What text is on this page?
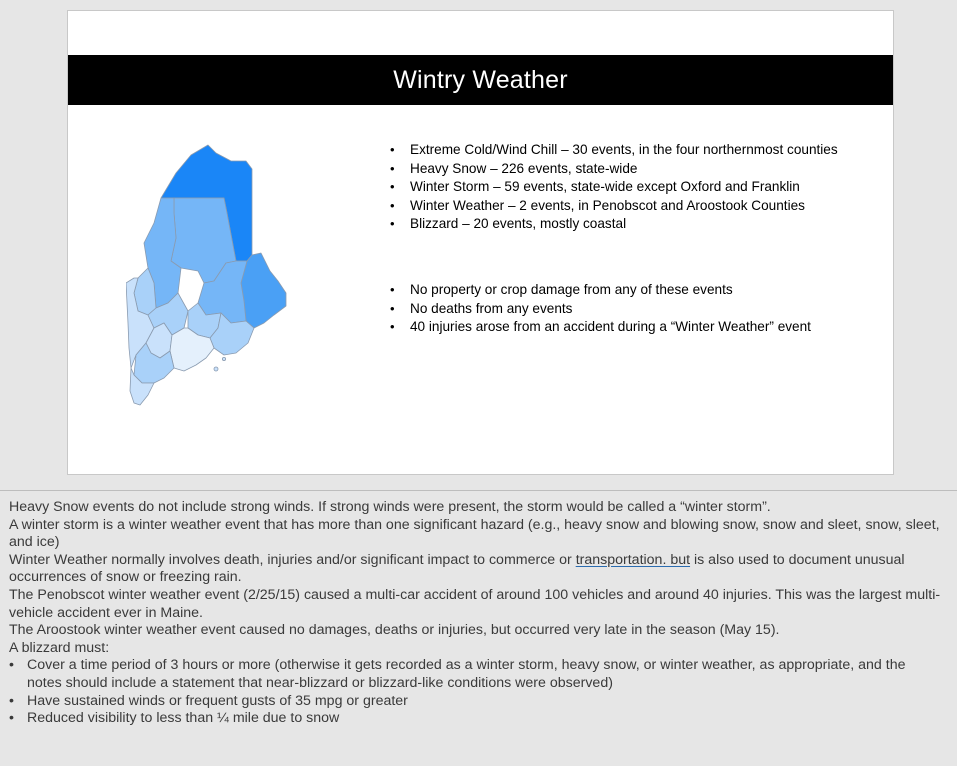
Wintry Weather
• Extreme Cold/Wind Chill – 30 events, in the four northernmost counties
• Heavy Snow – 226 events, state-wide
• Winter Storm – 59 events, state-wide except Oxford and Franklin
• Winter Weather – 2 events, in Penobscot and Aroostook Counties
• Blizzard – 20 events, mostly coastal
• No property or crop damage from any of these events
• No deaths from any events
• 40 injuries arose from an accident during a “Winter Weather” event

Heavy Snow events do not include strong winds. If strong winds were present, the storm would be called a “winter storm”.

A winter storm is a winter weather event that has more than one significant hazard (e.g., heavy snow and blowing snow, snow and sleet, snow, sleet, and ice)

Winter Weather normally involves death, injuries and/or significant impact to commerce or transportation. but is also used to document unusual occurrences of snow or freezing rain.

The Penobscot winter weather event (2/25/15) caused a multi-car accident of around 100 vehicles and around 40 injuries. This was the largest multi-vehicle accident ever in Maine.

The Aroostook winter weather event caused no damages, deaths or injuries, but occurred very late in the season (May 15).

A blizzard must:

• Cover a time period of 3 hours or more (otherwise it gets recorded as a winter storm, heavy snow, or winter weather, as appropriate, and the notes should include a statement that near-blizzard or blizzard-like conditions were observed)
• Have sustained winds or frequent gusts of 35 mpg or greater
• Reduced visibility to less than ¼ mile due to snow
